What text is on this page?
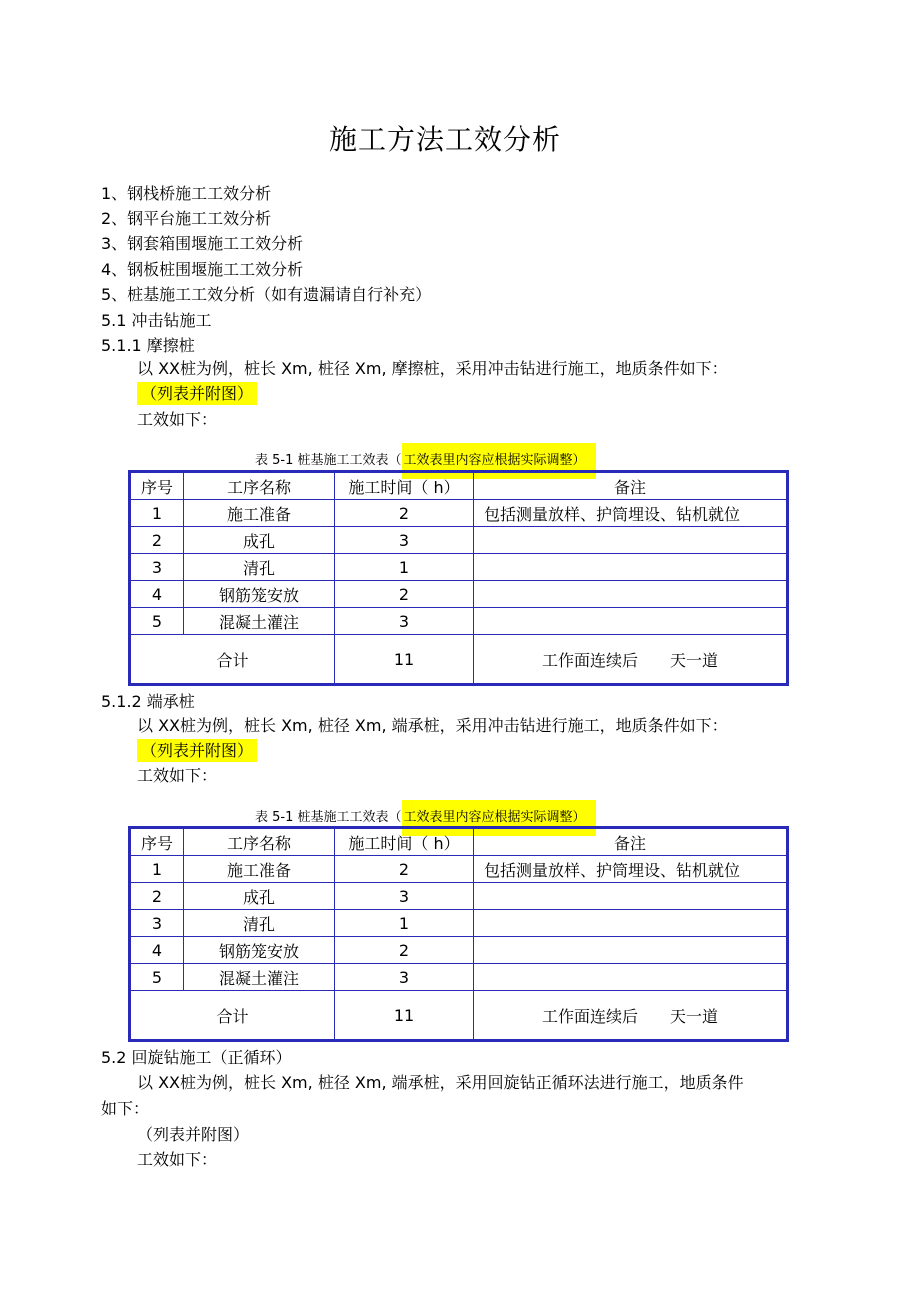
施工方法工效分析
1、钢栈桥施工工效分析
2、钢平台施工工效分析
3、钢套箱围堰施工工效分析
4、钢板桩围堰施工工效分析
5、桩基施工工效分析（如有遗漏请自行补充）
5.1 冲击钻施工
5.1.1 摩擦桩
以 XX桩为例，桩长 Xm, 桩径 Xm, 摩擦桩，采用冲击钻进行施工，地质条件如下：
（列表并附图）
工效如下：
表 5-1 桩基施工工效表（ 工效表里内容应根据实际调整）
序号	工序名称	施工时间（ h）	备注
1	施工准备	2	包括测量放样、护筒埋设、钻机就位
2	成孔	3	
3	清孔	1	
4	钢筋笼安放	2	
5	混凝土灌注	3	
合计		11	工作面连续后 天一道
5.1.2 端承桩
以 XX桩为例，桩长 Xm, 桩径 Xm, 端承桩，采用冲击钻进行施工，地质条件如下：
（列表并附图）
工效如下：
表 5-1 桩基施工工效表（ 工效表里内容应根据实际调整）
序号	工序名称	施工时间（ h）	备注
1	施工准备	2	包括测量放样、护筒埋设、钻机就位
2	成孔	3	
3	清孔	1	
4	钢筋笼安放	2	
5	混凝土灌注	3	
合计		11	工作面连续后 天一道
5.2 回旋钻施工（正循环）
以 XX桩为例，桩长 Xm, 桩径 Xm, 端承桩，采用回旋钻正循环法进行施工，地质条件
如下：
（列表并附图）
工效如下：
